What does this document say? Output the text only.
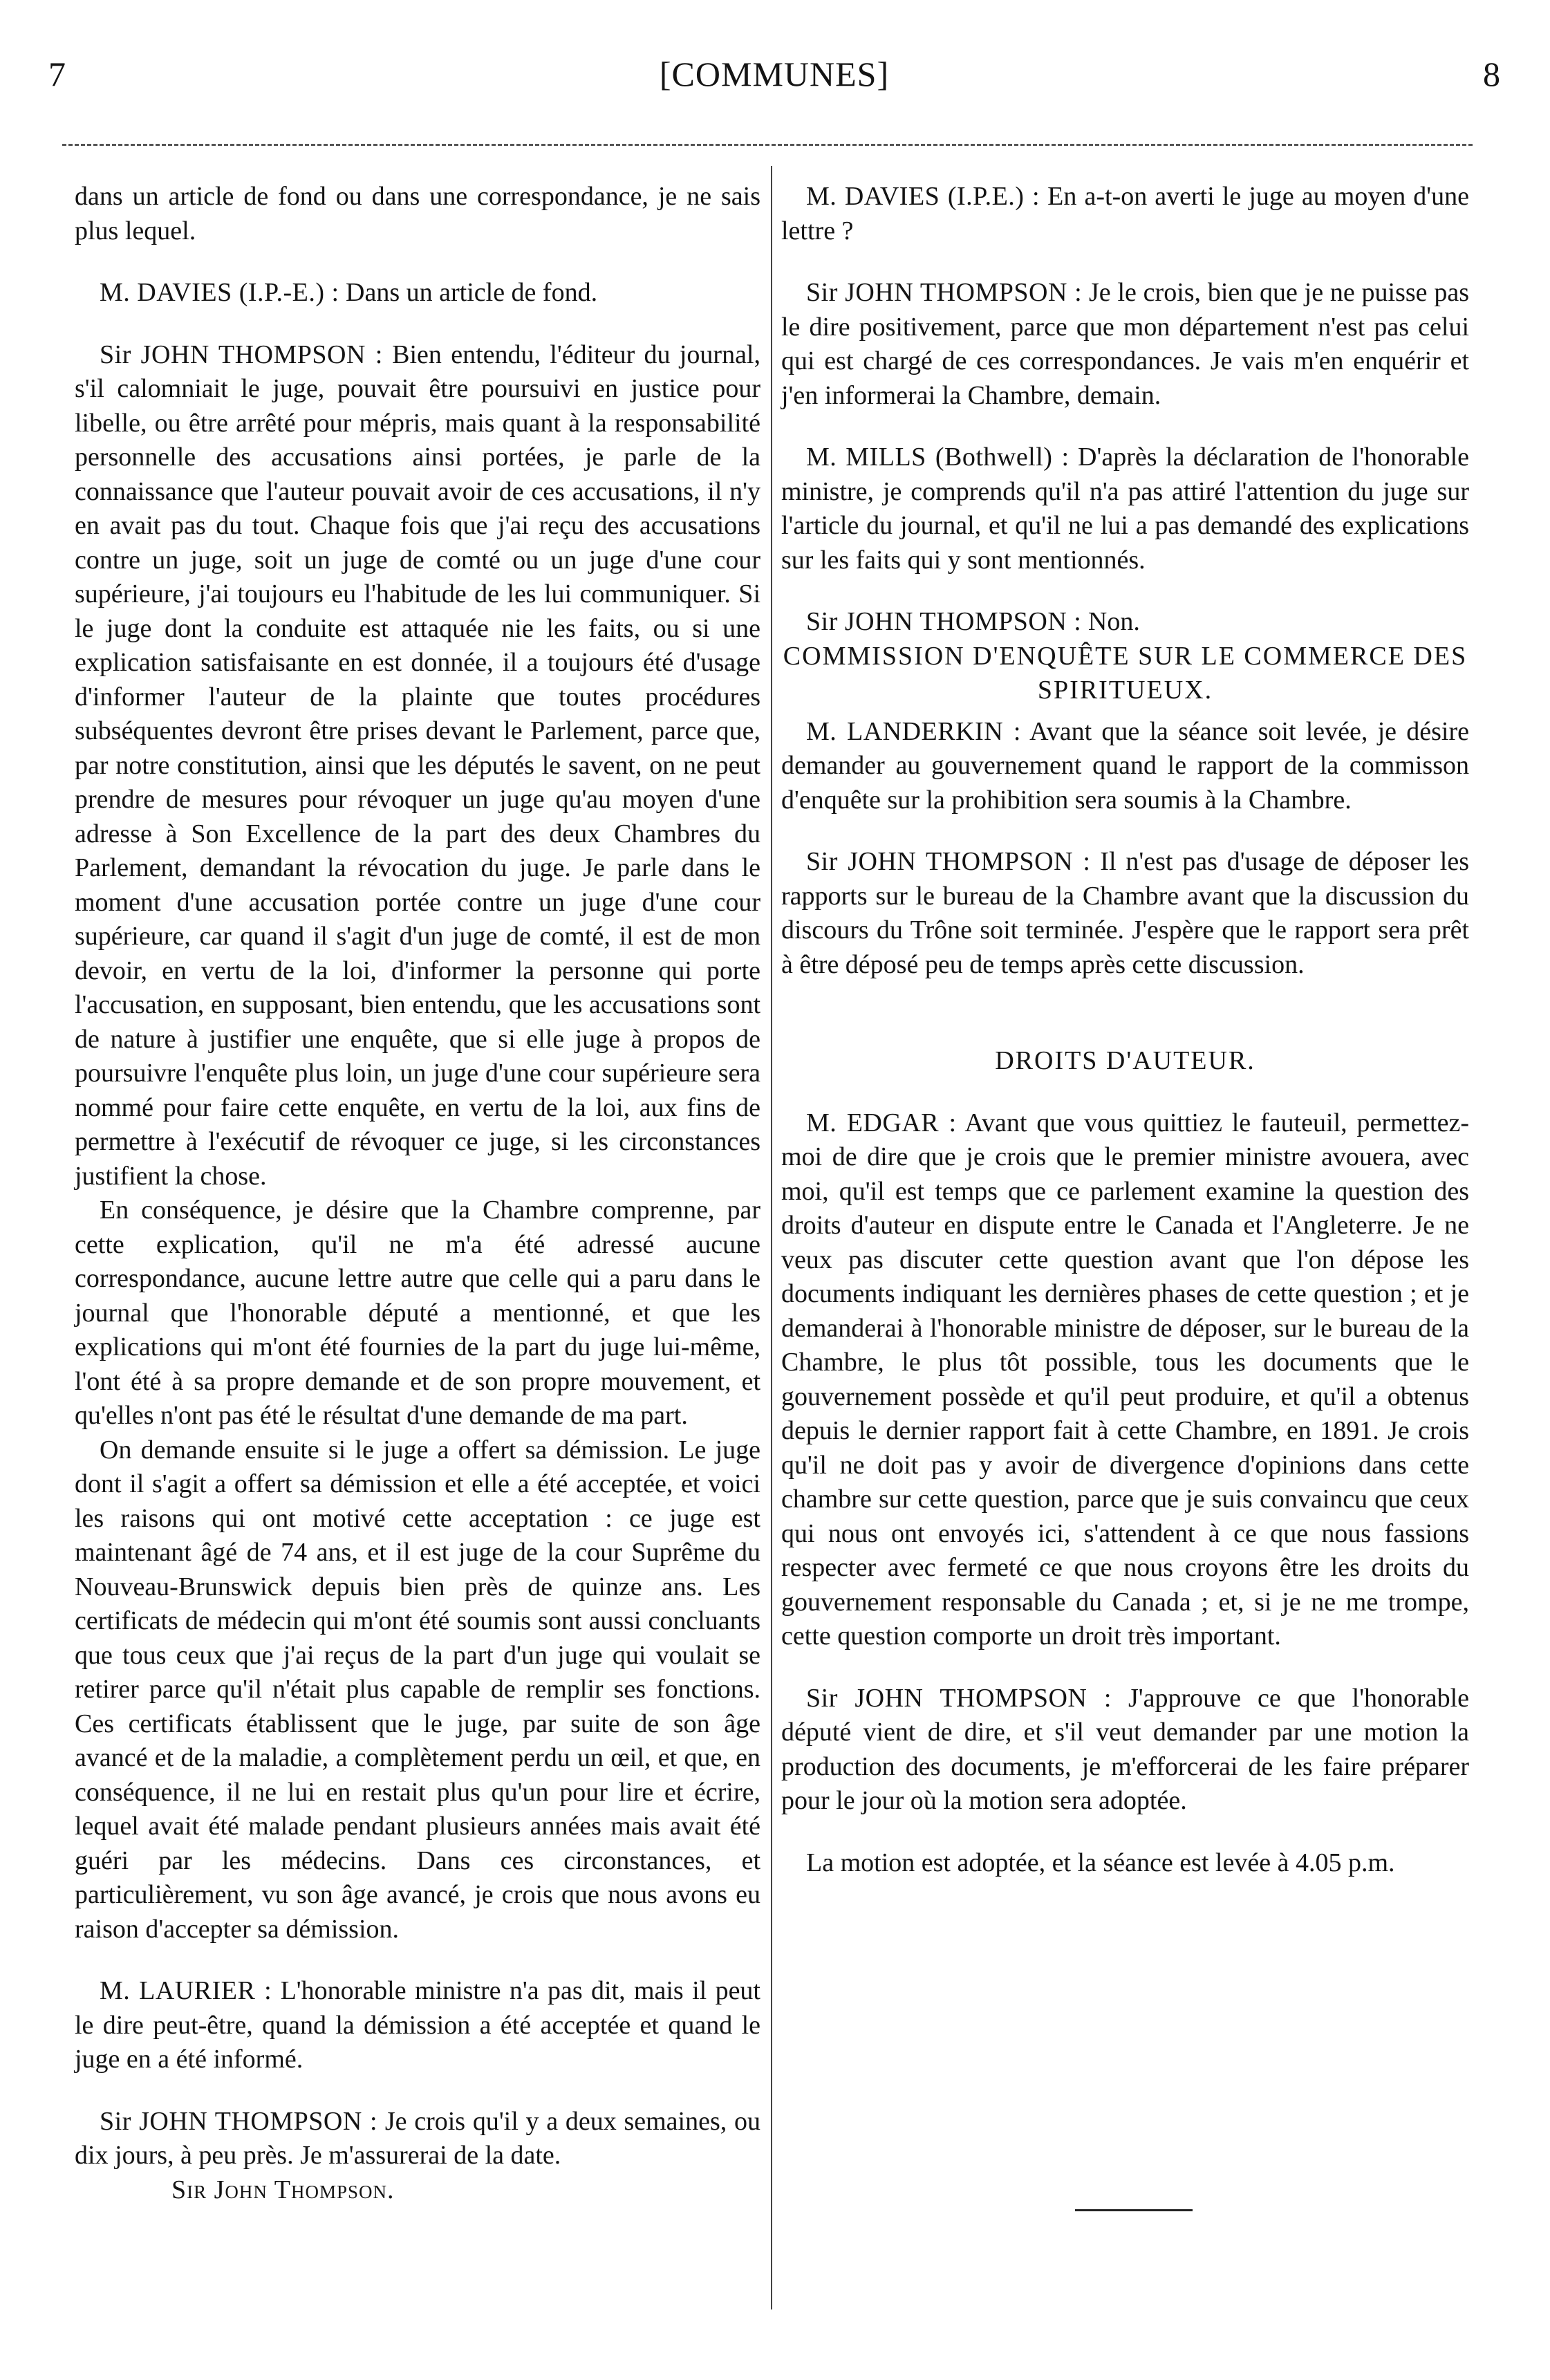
7	[COMMUNES]	8

dans un article de fond ou dans une correspondance, je ne sais plus lequel.

M. DAVIES (I.P.-E.) : Dans un article de fond.

Sir JOHN THOMPSON : Bien entendu, l'éditeur du journal, s'il calomniait le juge, pouvait être poursuivi en justice pour libelle, ou être arrêté pour mépris, mais quant à la responsabilité personnelle des accusations ainsi portées, je parle de la connaissance que l'auteur pouvait avoir de ces accusations, il n'y en avait pas du tout. Chaque fois que j'ai reçu des accusations contre un juge, soit un juge de comté ou un juge d'une cour supérieure, j'ai toujours eu l'habitude de les lui communiquer. Si le juge dont la conduite est attaquée nie les faits, ou si une explication satisfaisante en est donnée, il a toujours été d'usage d'informer l'auteur de la plainte que toutes procédures subséquentes devront être prises devant le Parlement, parce que, par notre constitution, ainsi que les députés le savent, on ne peut prendre de mesures pour révoquer un juge qu'au moyen d'une adresse à Son Excellence de la part des deux Chambres du Parlement, demandant la révocation du juge. Je parle dans le moment d'une accusation portée contre un juge d'une cour supérieure, car quand il s'agit d'un juge de comté, il est de mon devoir, en vertu de la loi, d'informer la personne qui porte l'accusation, en supposant, bien entendu, que les accusations sont de nature à justifier une enquête, que si elle juge à propos de poursuivre l'enquête plus loin, un juge d'une cour supérieure sera nommé pour faire cette enquête, en vertu de la loi, aux fins de permettre à l'exécutif de révoquer ce juge, si les circonstances justifient la chose.

En conséquence, je désire que la Chambre comprenne, par cette explication, qu'il ne m'a été adressé aucune correspondance, aucune lettre autre que celle qui a paru dans le journal que l'honorable député a mentionné, et que les explications qui m'ont été fournies de la part du juge lui-même, l'ont été à sa propre demande et de son propre mouvement, et qu'elles n'ont pas été le résultat d'une demande de ma part.

On demande ensuite si le juge a offert sa démission. Le juge dont il s'agit a offert sa démission et elle a été acceptée, et voici les raisons qui ont motivé cette acceptation : ce juge est maintenant âgé de 74 ans, et il est juge de la cour Suprême du Nouveau-Brunswick depuis bien près de quinze ans. Les certificats de médecin qui m'ont été soumis sont aussi concluants que tous ceux que j'ai reçus de la part d'un juge qui voulait se retirer parce qu'il n'était plus capable de remplir ses fonctions. Ces certificats établissent que le juge, par suite de son âge avancé et de la maladie, a complètement perdu un œil, et que, en conséquence, il ne lui en restait plus qu'un pour lire et écrire, lequel avait été malade pendant plusieurs années mais avait été guéri par les médecins. Dans ces circonstances, et particulièrement, vu son âge avancé, je crois que nous avons eu raison d'accepter sa démission.

M. LAURIER : L'honorable ministre n'a pas dit, mais il peut le dire peut-être, quand la démission a été acceptée et quand le juge en a été informé.

Sir JOHN THOMPSON : Je crois qu'il y a deux semaines, ou dix jours, à peu près. Je m'assurerai de la date.

Sir John Thompson.

M. DAVIES (I.P.E.) : En a-t-on averti le juge au moyen d'une lettre ?

Sir JOHN THOMPSON : Je le crois, bien que je ne puisse pas le dire positivement, parce que mon département n'est pas celui qui est chargé de ces correspondances. Je vais m'en enquérir et j'en informerai la Chambre, demain.

M. MILLS (Bothwell) : D'après la déclaration de l'honorable ministre, je comprends qu'il n'a pas attiré l'attention du juge sur l'article du journal, et qu'il ne lui a pas demandé des explications sur les faits qui y sont mentionnés.

Sir JOHN THOMPSON : Non.

COMMISSION D'ENQUÊTE SUR LE COMMERCE DES SPIRITUEUX.

M. LANDERKIN : Avant que la séance soit levée, je désire demander au gouvernement quand le rapport de la commisson d'enquête sur la prohibition sera soumis à la Chambre.

Sir JOHN THOMPSON : Il n'est pas d'usage de déposer les rapports sur le bureau de la Chambre avant que la discussion du discours du Trône soit terminée. J'espère que le rapport sera prêt à être déposé peu de temps après cette discussion.

DROITS D'AUTEUR.

M. EDGAR : Avant que vous quittiez le fauteuil, permettez-moi de dire que je crois que le premier ministre avouera, avec moi, qu'il est temps que ce parlement examine la question des droits d'auteur en dispute entre le Canada et l'Angleterre. Je ne veux pas discuter cette question avant que l'on dépose les documents indiquant les dernières phases de cette question ; et je demanderai à l'honorable ministre de déposer, sur le bureau de la Chambre, le plus tôt possible, tous les documents que le gouvernement possède et qu'il peut produire, et qu'il a obtenus depuis le dernier rapport fait à cette Chambre, en 1891. Je crois qu'il ne doit pas y avoir de divergence d'opinions dans cette chambre sur cette question, parce que je suis convaincu que ceux qui nous ont envoyés ici, s'attendent à ce que nous fassions respecter avec fermeté ce que nous croyons être les droits du gouvernement responsable du Canada ; et, si je ne me trompe, cette question comporte un droit très important.

Sir JOHN THOMPSON : J'approuve ce que l'honorable député vient de dire, et s'il veut demander par une motion la production des documents, je m'efforcerai de les faire préparer pour le jour où la motion sera adoptée.

La motion est adoptée, et la séance est levée à 4.05 p.m.
